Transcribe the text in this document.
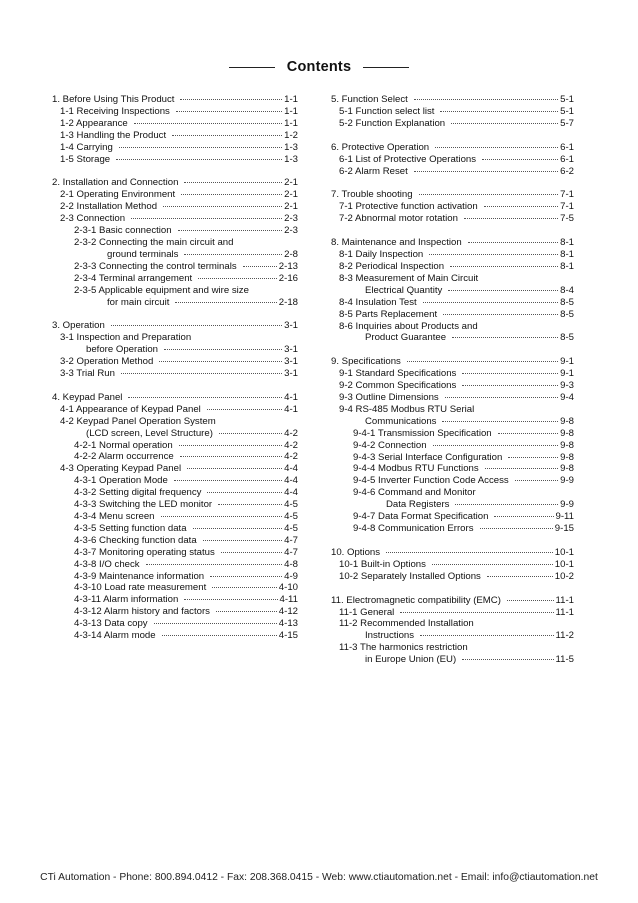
Contents
1. Before Using This Product	1-1
1-1 Receiving Inspections	1-1
1-2 Appearance	1-1
1-3 Handling the Product	1-2
1-4 Carrying	1-3
1-5 Storage	1-3
2. Installation and Connection	2-1
2-1 Operating Environment	2-1
2-2 Installation Method	2-1
2-3 Connection	2-3
2-3-1 Basic connection	2-3
2-3-2 Connecting the main circuit and
ground terminals	2-8
2-3-3 Connecting the control terminals	2-13
2-3-4 Terminal arrangement	2-16
2-3-5 Applicable equipment and wire size
for main circuit	2-18
3. Operation	3-1
3-1 Inspection and Preparation
before Operation	3-1
3-2 Operation Method	3-1
3-3 Trial Run	3-1
4. Keypad Panel	4-1
4-1 Appearance of Keypad Panel	4-1
4-2 Keypad Panel Operation System
(LCD screen, Level Structure)	4-2
4-2-1 Normal operation	4-2
4-2-2 Alarm occurrence	4-2
4-3 Operating Keypad Panel	4-4
4-3-1 Operation Mode	4-4
4-3-2 Setting digital frequency	4-4
4-3-3 Switching the LED monitor	4-5
4-3-4 Menu screen	4-5
4-3-5 Setting function data	4-5
4-3-6 Checking function data	4-7
4-3-7 Monitoring operating status	4-7
4-3-8 I/O check	4-8
4-3-9 Maintenance information	4-9
4-3-10 Load rate measurement	4-10
4-3-11 Alarm information	4-11
4-3-12 Alarm history and factors	4-12
4-3-13 Data copy	4-13
4-3-14 Alarm mode	4-15
5. Function Select	5-1
5-1 Function select list	5-1
5-2 Function Explanation	5-7
6. Protective Operation	6-1
6-1 List of Protective Operations	6-1
6-2 Alarm Reset	6-2
7. Trouble shooting	7-1
7-1 Protective function activation	7-1
7-2 Abnormal motor rotation	7-5
8. Maintenance and Inspection	8-1
8-1 Daily Inspection	8-1
8-2 Periodical Inspection	8-1
8-3 Measurement of Main Circuit
Electrical Quantity	8-4
8-4 Insulation Test	8-5
8-5 Parts Replacement	8-5
8-6 Inquiries about Products and
Product Guarantee	8-5
9. Specifications	9-1
9-1 Standard Specifications	9-1
9-2 Common Specifications	9-3
9-3 Outline Dimensions	9-4
9-4 RS-485 Modbus RTU Serial
Communications	9-8
9-4-1 Transmission Specification	9-8
9-4-2 Connection	9-8
9-4-3 Serial Interface Configuration	9-8
9-4-4 Modbus RTU Functions	9-8
9-4-5 Inverter Function Code Access	9-9
9-4-6 Command and Monitor
Data Registers	9-9
9-4-7 Data Format Specification	9-11
9-4-8 Communication Errors	9-15
10. Options	10-1
10-1 Built-in Options	10-1
10-2 Separately Installed Options	10-2
11. Electromagnetic compatibility (EMC)	11-1
11-1 General	11-1
11-2 Recommended Installation
Instructions	11-2
11-3 The harmonics restriction
in Europe Union (EU)	11-5
CTi Automation - Phone: 800.894.0412 - Fax: 208.368.0415 - Web: www.ctiautomation.net - Email: info@ctiautomation.net
